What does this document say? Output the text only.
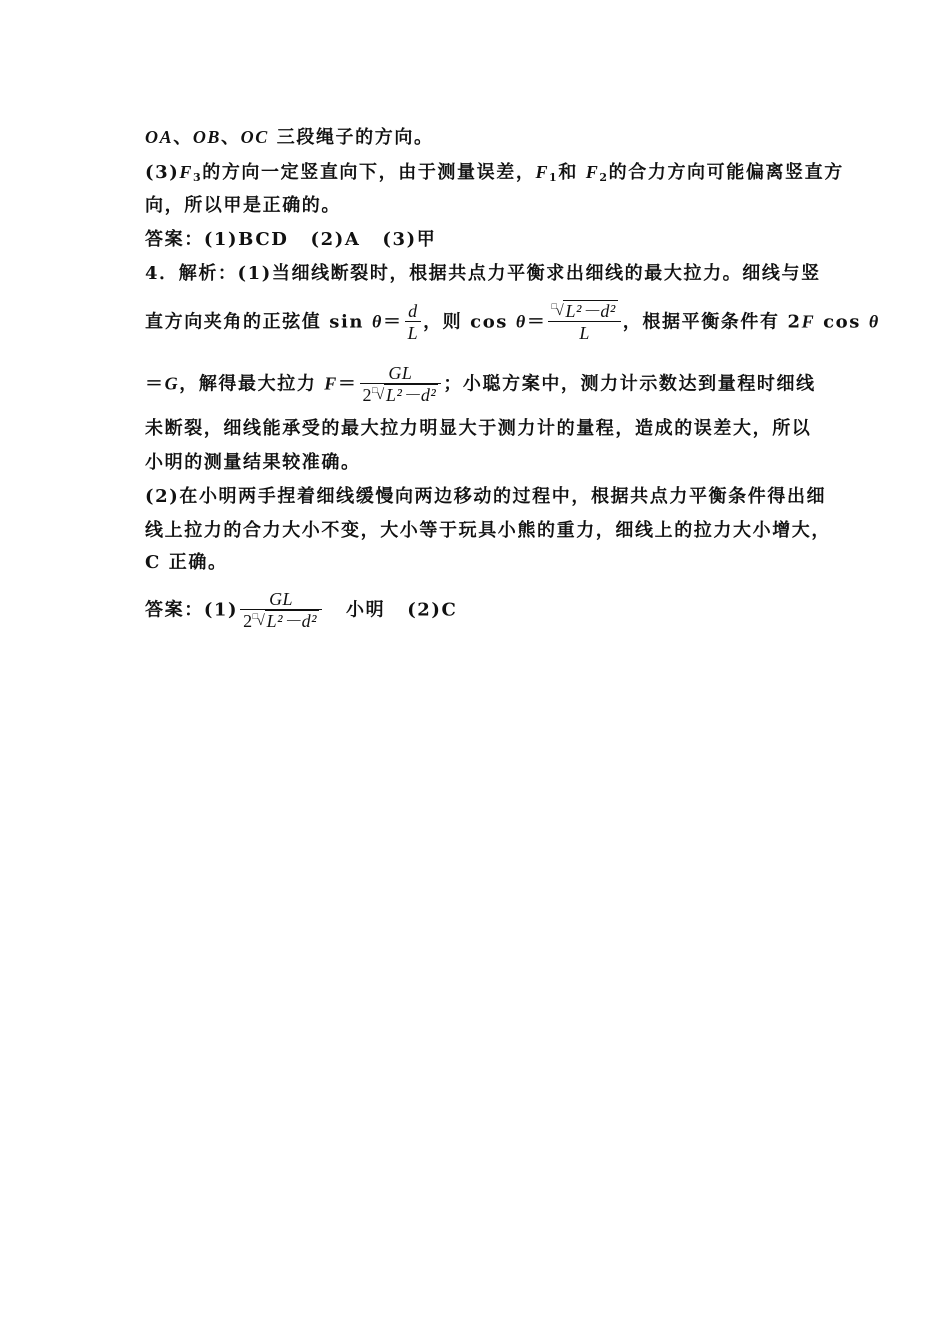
OA、OB、OC 三段绳子的方向。
$(3)F_3$的方向一定竖直向下，由于测量误差，$F_1$和 $F_2$的合力方向可能偏离竖直方
向，所以甲是正确的。
答案：(1)BCD (2)A (3)甲
4．解析：(1)当细线断裂时，根据共点力平衡求出细线的最大拉力。细线与竖
直方向夹角的正弦值 $\sin \theta= \frac{d}{L}$ ，则 cos θ＝ □
√ L²－d²
L ，根据平衡条件有 2F cos θ
＝G，解得最大拉力 F＝ GL
2 □
√ L²－d² ；小聪方案中，测力计示数达到量程时细线
未断裂，细线能承受的最大拉力明显大于测力计的量程，造成的误差大，所以
小明的测量结果较准确。
(2)在小明两手捏着细线缓慢向两边移动的过程中，根据共点力平衡条件得出细
线上拉力的合力大小不变，大小等于玩具小熊的重力，细线上的拉力大小增大，
C 正确。
答案：(1) GL
2 □
√ L²－d² 小明 (2)C
